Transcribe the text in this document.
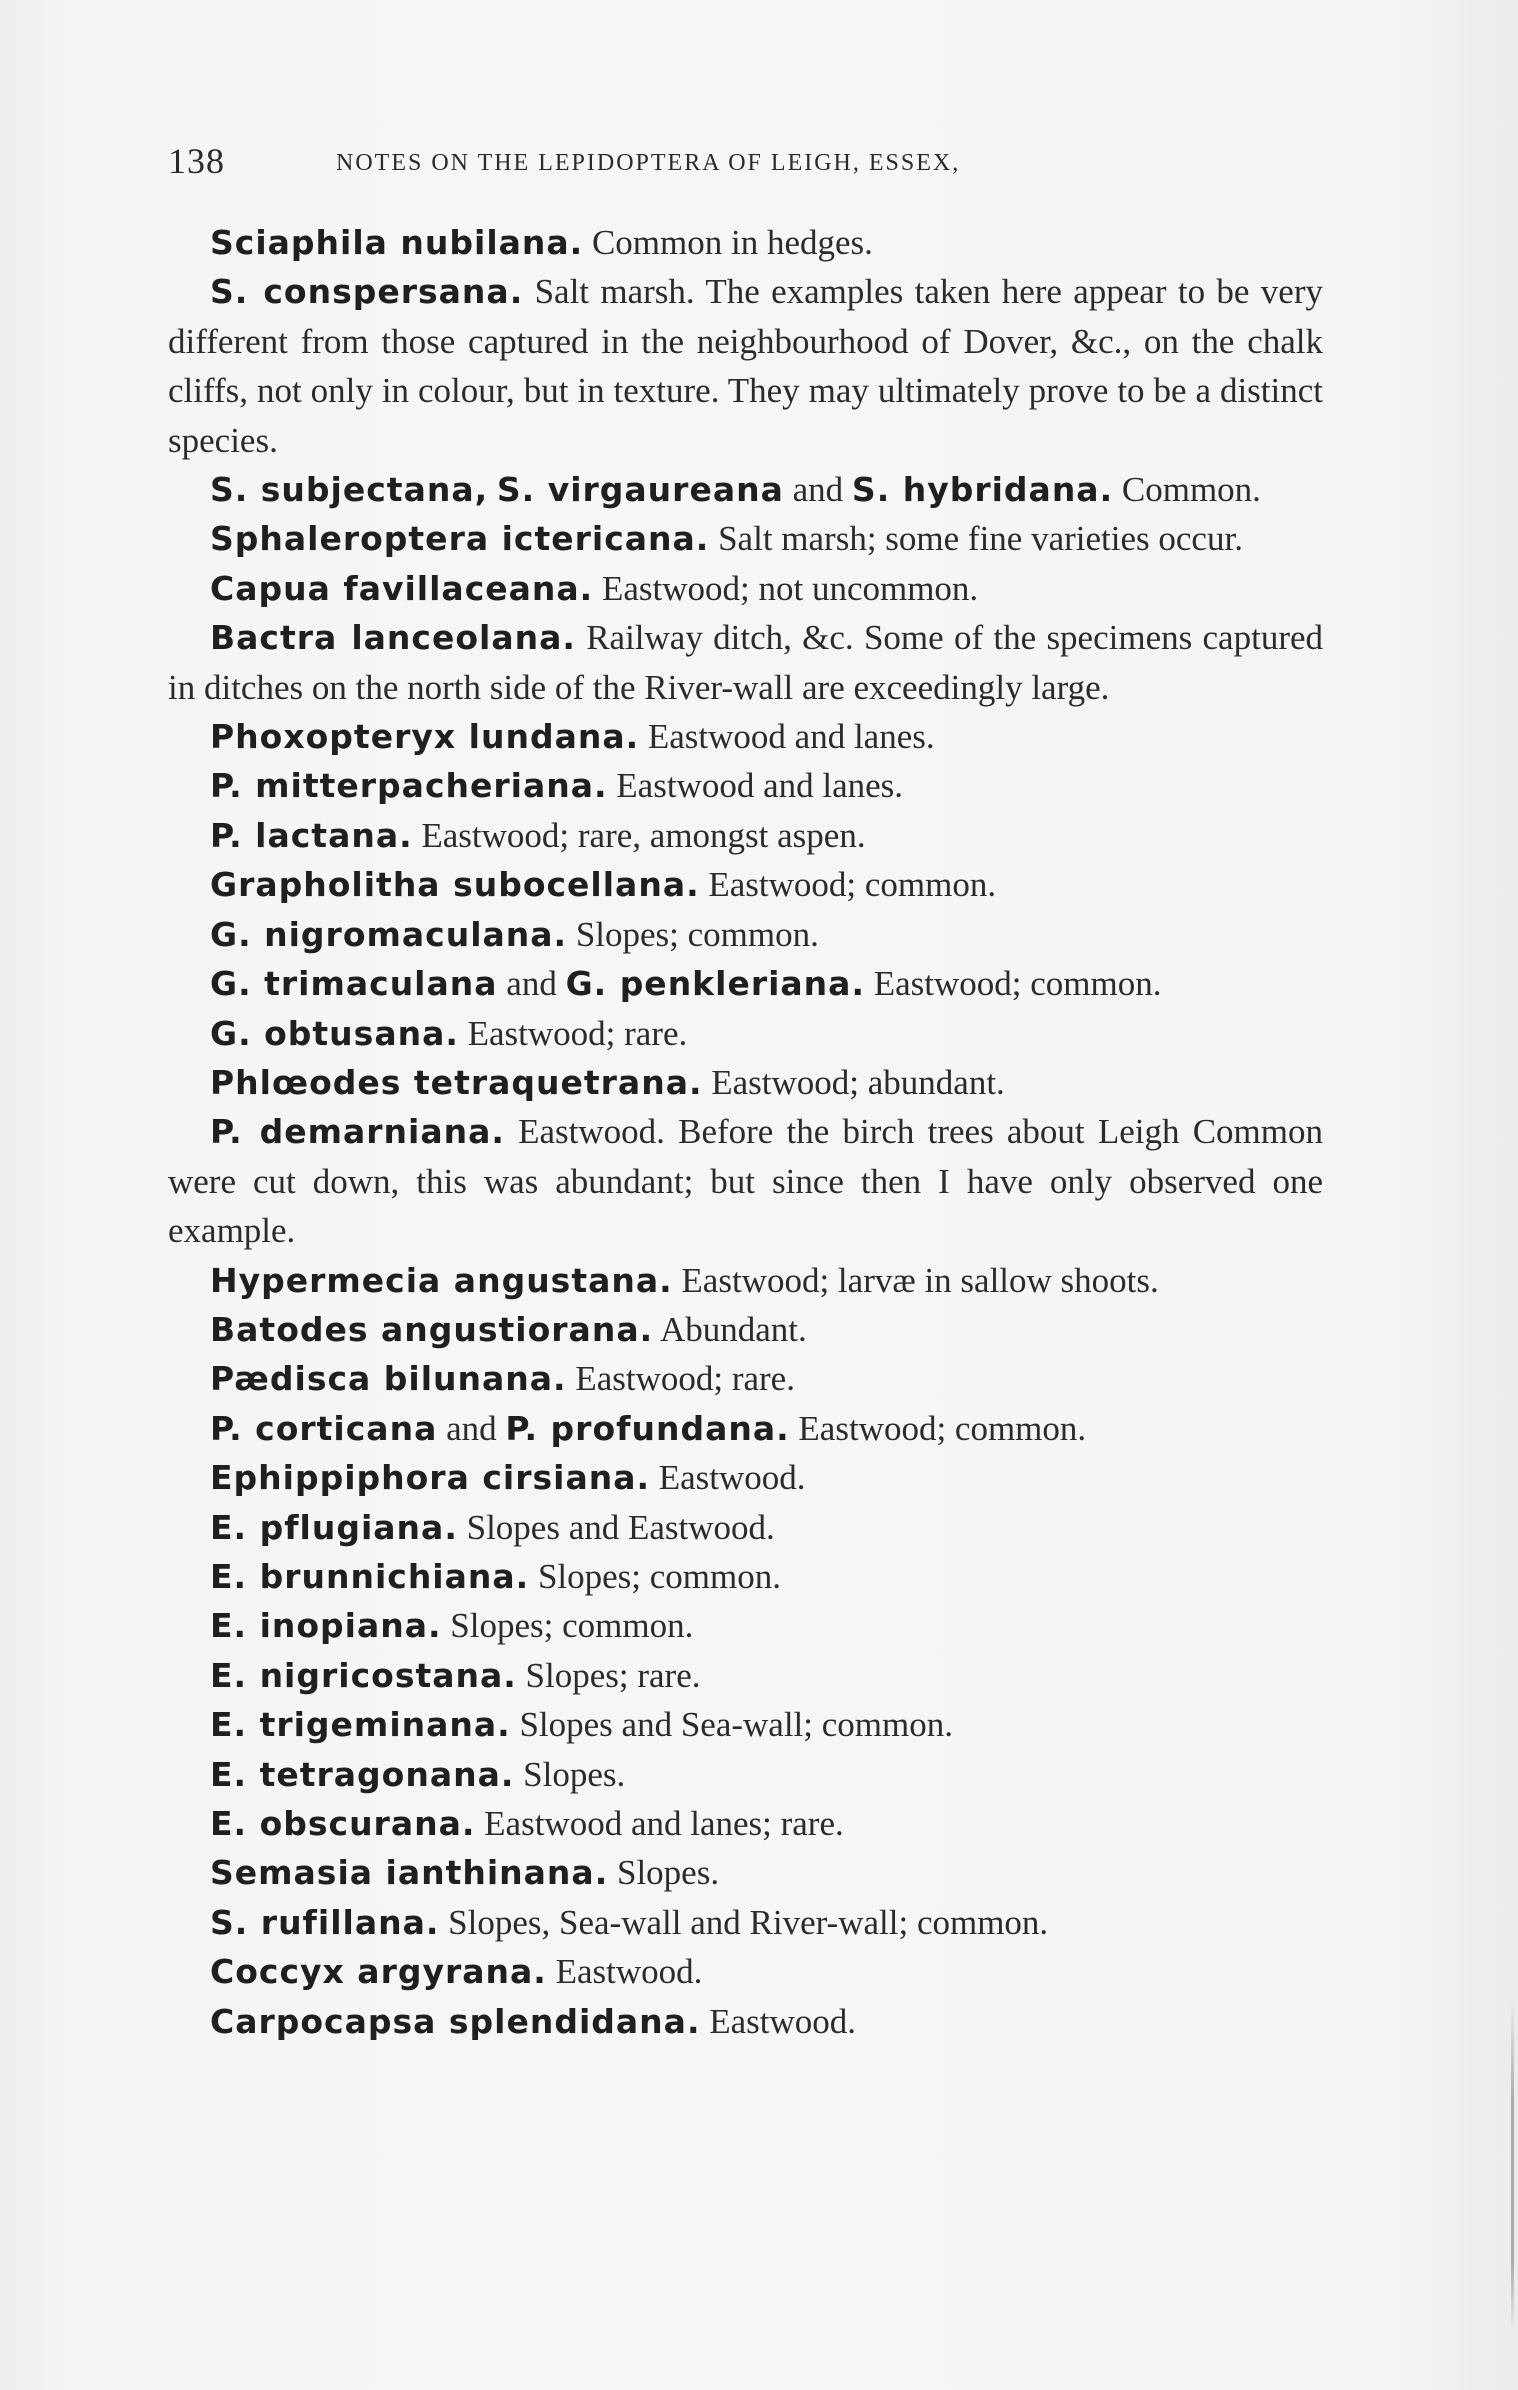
138	NOTES ON THE LEPIDOPTERA OF LEIGH, ESSEX,

Sciaphila nubilana. Common in hedges.

S. conspersana. Salt marsh. The examples taken here appear to be very different from those captured in the neighbourhood of Dover, &c., on the chalk cliffs, not only in colour, but in texture. They may ultimately prove to be a distinct species.

S. subjectana, S. virgaureana and S. hybridana. Common.

Sphaleroptera ictericana. Salt marsh; some fine varieties occur.

Capua favillaceana. Eastwood; not uncommon.

Bactra lanceolana. Railway ditch, &c. Some of the specimens captured in ditches on the north side of the River-wall are exceedingly large.

Phoxopteryx lundana. Eastwood and lanes.

P. mitterpacheriana. Eastwood and lanes.

P. lactana. Eastwood; rare, amongst aspen.

Grapholitha subocellana. Eastwood; common.

G. nigromaculana. Slopes; common.

G. trimaculana and G. penkleriana. Eastwood; common.

G. obtusana. Eastwood; rare.

Phlœodes tetraquetrana. Eastwood; abundant.

P. demarniana. Eastwood. Before the birch trees about Leigh Common were cut down, this was abundant; but since then I have only observed one example.

Hypermecia angustana. Eastwood; larvæ in sallow shoots.

Batodes angustiorana. Abundant.

Pædisca bilunana. Eastwood; rare.

P. corticana and P. profundana. Eastwood; common.

Ephippiphora cirsiana. Eastwood.

E. pflugiana. Slopes and Eastwood.

E. brunnichiana. Slopes; common.

E. inopiana. Slopes; common.

E. nigricostana. Slopes; rare.

E. trigeminana. Slopes and Sea-wall; common.

E. tetragonana. Slopes.

E. obscurana. Eastwood and lanes; rare.

Semasia ianthinana. Slopes.

S. rufillana. Slopes, Sea-wall and River-wall; common.

Coccyx argyrana. Eastwood.

Carpocapsa splendidana. Eastwood.
